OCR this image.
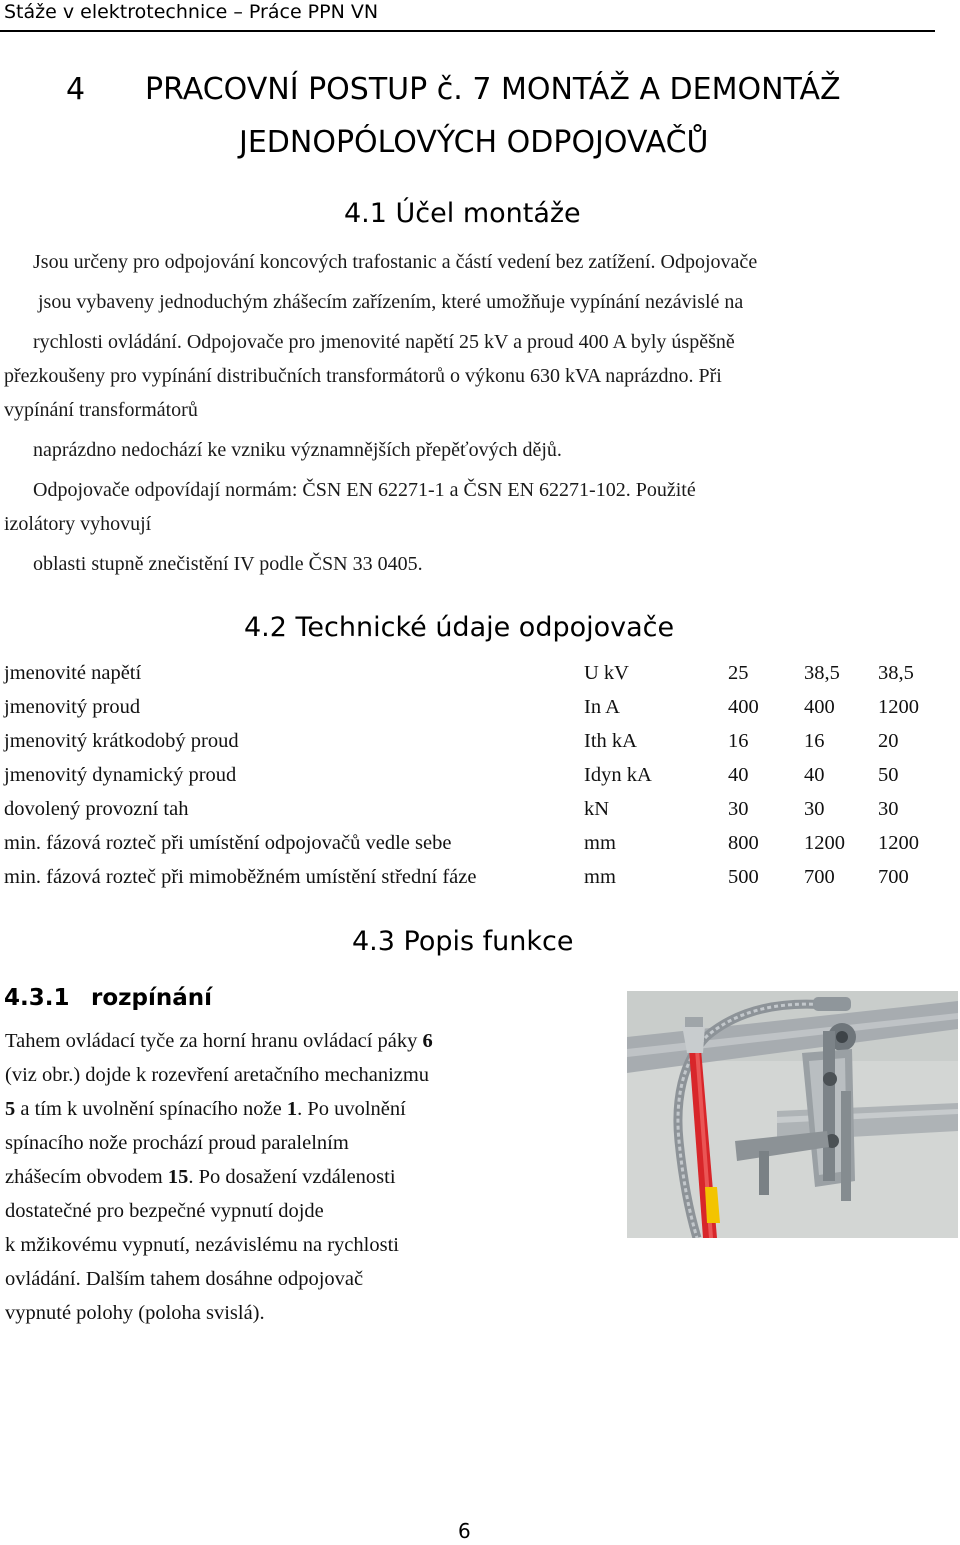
Stáže v elektrotechnice – Práce PPN VN
4 PRACOVNÍ POSTUP č. 7 MONTÁŽ A DEMONTÁŽ
JEDNOPÓLOVÝCH ODPOJOVAČŮ
4.1 Účel montáže
Jsou určeny pro odpojování koncových trafostanic a částí vedení bez zatížení. Odpojovače
jsou vybaveny jednoduchým zhášecím zařízením, které umožňuje vypínání nezávislé na
rychlosti ovládání. Odpojovače pro jmenovité napětí 25 kV a proud 400 A byly úspěšně
přezkoušeny pro vypínání distribučních transformátorů o výkonu 630 kVA naprázdno. Při
vypínání transformátorů
naprázdno nedochází ke vzniku významnějších přepěťových dějů.
Odpojovače odpovídají normám: ČSN EN 62271-1 a ČSN EN 62271-102. Použité
izolátory vyhovují
oblasti stupně znečistění IV podle ČSN 33 0405.
4.2 Technické údaje odpojovače
jmenovité napětí	U kV	25	38,5 38,5
jmenovitý proud	In A	400 400 1200
jmenovitý krátkodobý proud	Ith kA	16	16	20
jmenovitý dynamický proud	Idyn kA	40	40	50
dovolený provozní tah	kN	30	30	30
min. fázová rozteč při umístění odpojovačů vedle sebe	mm	800 1200 1200
min. fázová rozteč při mimoběžném umístění střední fáze	mm	500 700 700
4.3 Popis funkce
4.3.1 rozpínání
Tahem ovládací tyče za horní hranu ovládací páky 6
(viz obr.) dojde k rozevření aretačního mechanizmu
5 a tím k uvolnění spínacího nože 1. Po uvolnění
spínacího nože prochází proud paralelním
zhášecím obvodem 15. Po dosažení vzdálenosti
dostatečné pro bezpečné vypnutí dojde
k mžikovému vypnutí, nezávislému na rychlosti
ovládání. Dalším tahem dosáhne odpojovač
vypnuté polohy (poloha svislá).
6
